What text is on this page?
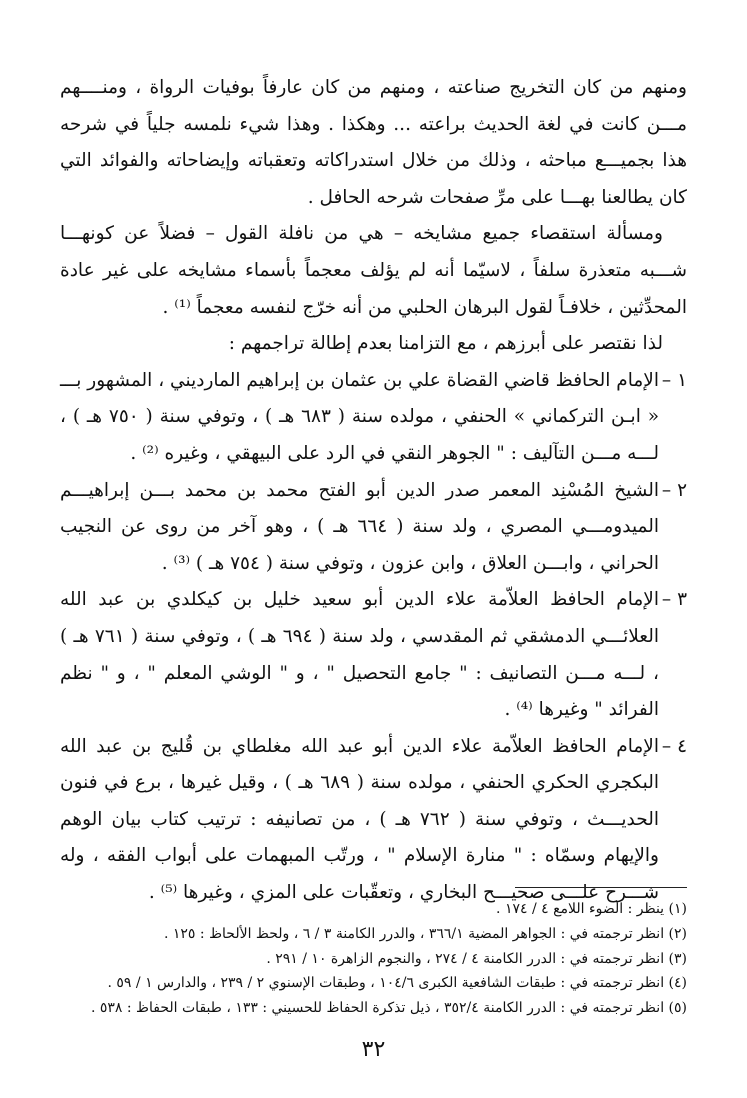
ومنهم من كان التخريج صناعته ، ومنهم من كان عارفاً بوفيات الرواة ، ومنــــهم مـــن كانت في لغة الحديث براعته ... وهكذا . وهذا شيء نلمسه جلياً في شرحه هذا بجميـــع مباحثه ، وذلك من خلال استدراكاته وتعقباته وإيضاحاته والفوائد التي كان يطالعنا بهـــا على مرِّ صفحات شرحه الحافل .

ومسألة استقصاء جميع مشايخه – هي من نافلة القول – فضلاً عن كونهـــا شـــبه متعذرة سلفاً ، لاسيّما أنه لم يؤلف معجماً بأسماء مشايخه على غير عادة المحدِّثين ، خلافـاً لقول البرهان الحلبي من أنه خرّج لنفسه معجماً ⁽¹⁾ .

لذا نقتصر على أبرزهم ، مع التزامنا بعدم إطالة تراجمهم :

١ –
الإمام الحافظ قاضي القضاة علي بن عثمان بن إبراهيم المارديني ، المشهور بـــ « ابـن التركماني » الحنفي ، مولده سنة ( ٦٨٣ هـ ) ، وتوفي سنة ( ٧٥٠ هـ ) ، لـــه مـــن التآليف : " الجوهر النقي في الرد على البيهقي ، وغيره ⁽²⁾ .
٢ –
الشيخ المُسْنِد المعمر صدر الدين أبو الفتح محمد بن محمد بـــن إبراهيـــم الميدومـــي المصري ، ولد سنة ( ٦٦٤ هـ ) ، وهو آخر من روى عن النجيب الحراني ، وابـــن العلاق ، وابن عزون ، وتوفي سنة ( ٧٥٤ هـ ) ⁽³⁾ .
٣ –
الإمام الحافظ العلاّمة علاء الدين أبو سعيد خليل بن كيكلدي بن عبد الله العلائـــي الدمشقي ثم المقدسي ، ولد سنة ( ٦٩٤ هـ ) ، وتوفي سنة ( ٧٦١ هـ ) ، لـــه مـــن التصانيف : " جامع التحصيل " ، و " الوشي المعلم " ، و " نظم الفرائد " وغيرها ⁽⁴⁾ .
٤ –
الإمام الحافظ العلاّمة علاء الدين أبو عبد الله مغلطاي بن قُليج بن عبد الله البكجري الحكري الحنفي ، مولده سنة ( ٦٨٩ هـ ) ، وقيل غيرها ، برع في فنون الحديـــث ، وتوفي سنة ( ٧٦٢ هـ ) ، من تصانيفه : ترتيب كتاب بيان الوهم والإيهام وسمّاه : " منارة الإسلام " ، ورتّب المبهمات على أبواب الفقه ، وله شـــرح علـــى صحيـــح البخاري ، وتعقّبات على المزي ، وغيرها ⁽⁵⁾ .
(١) ينظر : الضوء اللامع ٤ / ١٧٤ .
(٢) انظر ترجمته في : الجواهر المضية ٣٦٦/١ ، والدرر الكامنة ٣ / ٦ ، ولحظ الألحاظ : ١٢٥ .
(٣) انظر ترجمته في : الدرر الكامنة ٤ / ٢٧٤ ، والنجوم الزاهرة ١٠ / ٢٩١ .
(٤) انظر ترجمته في : طبقات الشافعية الكبرى ١٠٤/٦ ، وطبقات الإسنوي ٢ / ٢٣٩ ، والدارس ١ / ٥٩ .
(٥) انظر ترجمته في : الدرر الكامنة ٣٥٢/٤ ، ذيل تذكرة الحفاظ للحسيني : ١٣٣ ، طبقات الحفاظ : ٥٣٨ .
٣٢
